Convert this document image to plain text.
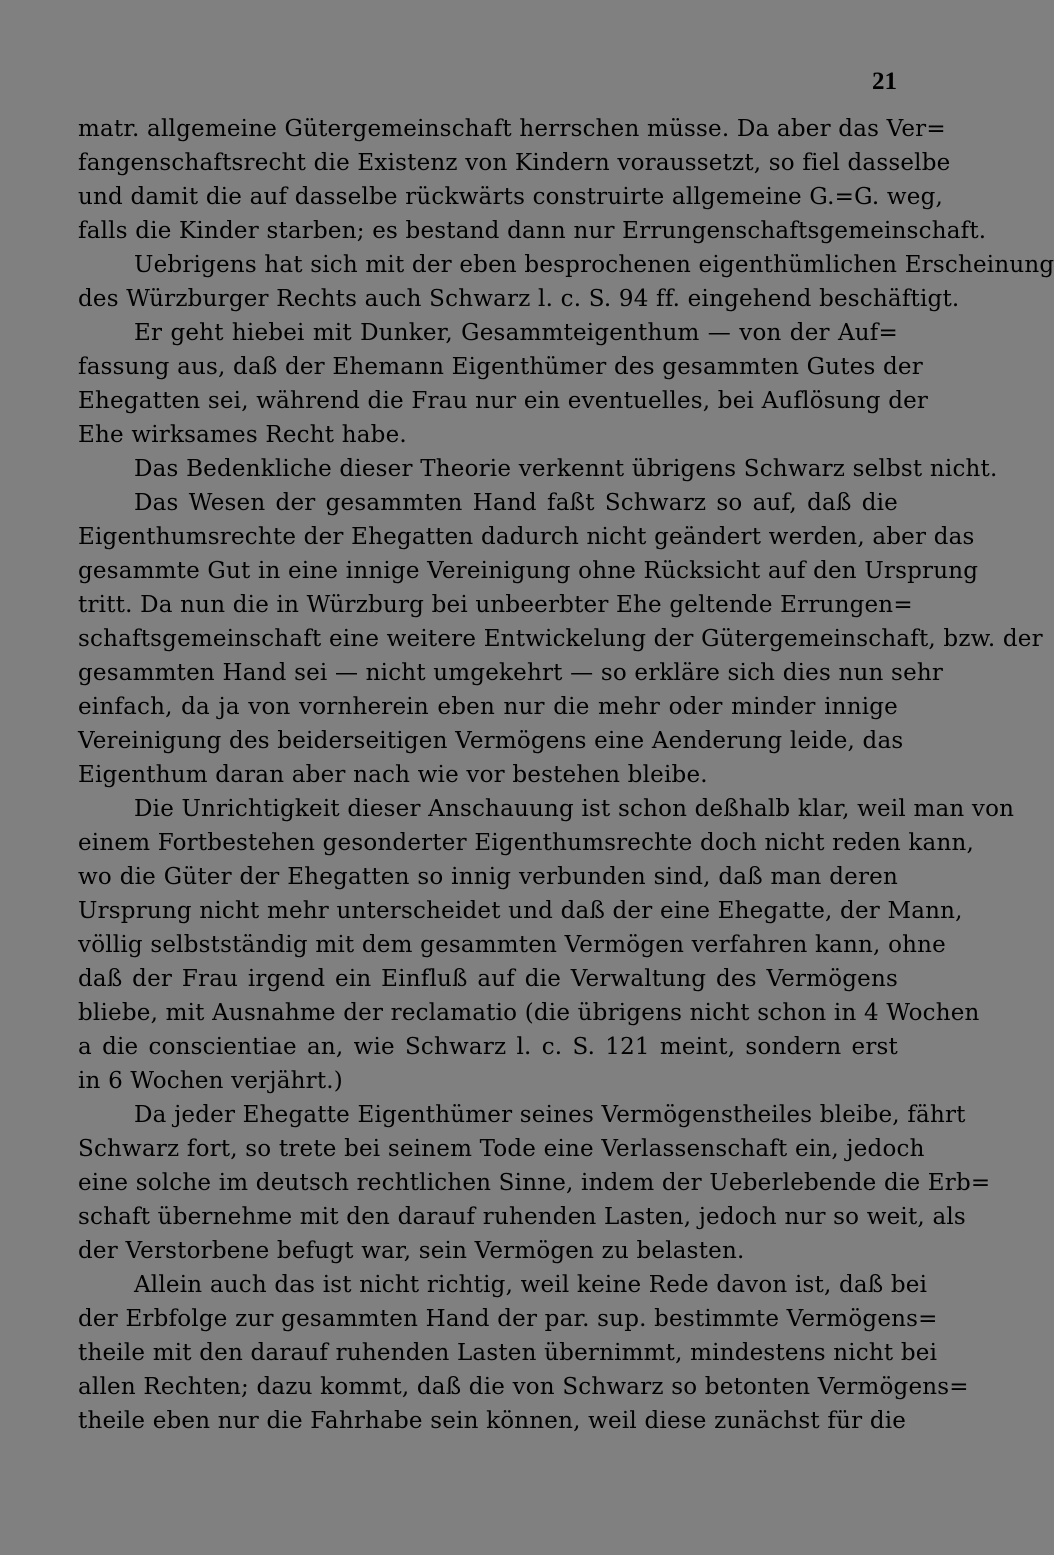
21
matr. allgemeine Gütergemeinschaft herrschen müsse. Da aber das Ver=
fangenschaftsrecht die Existenz von Kindern voraussetzt, so fiel dasselbe
und damit die auf dasselbe rückwärts construirte allgemeine G.=G. weg,
falls die Kinder starben; es bestand dann nur Errungenschaftsgemeinschaft.
Uebrigens hat sich mit der eben besprochenen eigenthümlichen Erscheinung
des Würzburger Rechts auch Schwarz l. c. S. 94 ff. eingehend beschäftigt.
Er geht hiebei mit Dunker, Gesammteigenthum — von der Auf=
fassung aus, daß der Ehemann Eigenthümer des gesammten Gutes der
Ehegatten sei, während die Frau nur ein eventuelles, bei Auflösung der
Ehe wirksames Recht habe.
Das Bedenkliche dieser Theorie verkennt übrigens Schwarz selbst nicht.
Das Wesen der gesammten Hand faßt Schwarz so auf, daß die
Eigenthumsrechte der Ehegatten dadurch nicht geändert werden, aber das
gesammte Gut in eine innige Vereinigung ohne Rücksicht auf den Ursprung
tritt. Da nun die in Würzburg bei unbeerbter Ehe geltende Errungen=
schaftsgemeinschaft eine weitere Entwickelung der Gütergemeinschaft, bzw. der
gesammten Hand sei — nicht umgekehrt — so erkläre sich dies nun sehr
einfach, da ja von vornherein eben nur die mehr oder minder innige
Vereinigung des beiderseitigen Vermögens eine Aenderung leide, das
Eigenthum daran aber nach wie vor bestehen bleibe.
Die Unrichtigkeit dieser Anschauung ist schon deßhalb klar, weil man von
einem Fortbestehen gesonderter Eigenthumsrechte doch nicht reden kann,
wo die Güter der Ehegatten so innig verbunden sind, daß man deren
Ursprung nicht mehr unterscheidet und daß der eine Ehegatte, der Mann,
völlig selbstständig mit dem gesammten Vermögen verfahren kann, ohne
daß der Frau irgend ein Einfluß auf die Verwaltung des Vermögens
bliebe, mit Ausnahme der reclamatio (die übrigens nicht schon in 4 Wochen
a die conscientiae an, wie Schwarz l. c. S. 121 meint, sondern erst
in 6 Wochen verjährt.)
Da jeder Ehegatte Eigenthümer seines Vermögenstheiles bleibe, fährt
Schwarz fort, so trete bei seinem Tode eine Verlassenschaft ein, jedoch
eine solche im deutsch rechtlichen Sinne, indem der Ueberlebende die Erb=
schaft übernehme mit den darauf ruhenden Lasten, jedoch nur so weit, als
der Verstorbene befugt war, sein Vermögen zu belasten.
Allein auch das ist nicht richtig, weil keine Rede davon ist, daß bei
der Erbfolge zur gesammten Hand der par. sup. bestimmte Vermögens=
theile mit den darauf ruhenden Lasten übernimmt, mindestens nicht bei
allen Rechten; dazu kommt, daß die von Schwarz so betonten Vermögens=
theile eben nur die Fahrhabe sein können, weil diese zunächst für die
